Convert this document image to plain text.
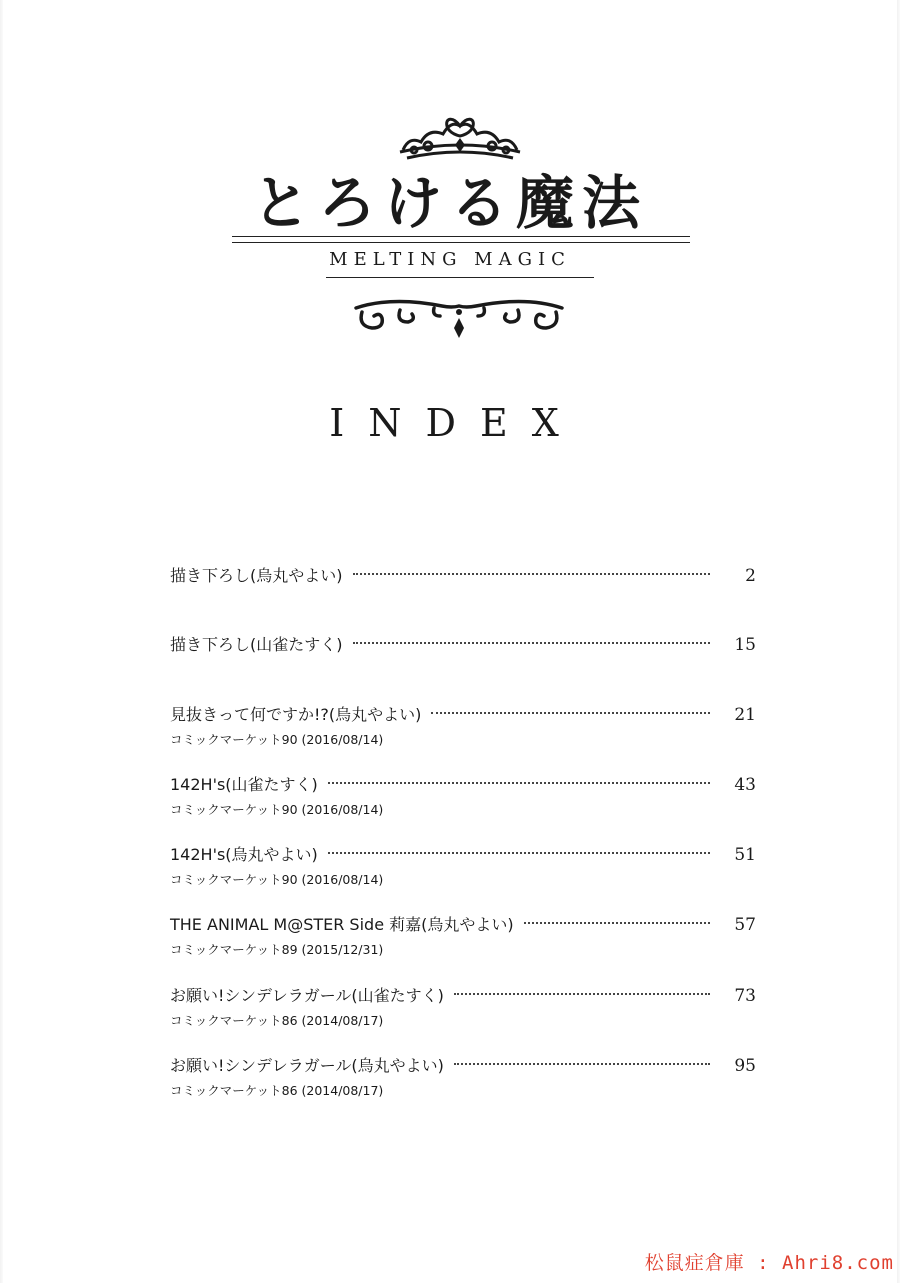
とろける魔法
MELTING MAGIC
INDEX
描き下ろし(烏丸やよい)	2
描き下ろし(山雀たすく)	15
見抜きって何ですか!?(烏丸やよい)	21
コミックマーケット90 (2016/08/14)
142H's(山雀たすく)	43
コミックマーケット90 (2016/08/14)
142H's(烏丸やよい)	51
コミックマーケット90 (2016/08/14)
THE ANIMAL M@STER Side 莉嘉(烏丸やよい)	57
コミックマーケット89 (2015/12/31)
お願い!シンデレラガール(山雀たすく)	73
コミックマーケット86 (2014/08/17)
お願い!シンデレラガール(烏丸やよい)	95
コミックマーケット86 (2014/08/17)
松鼠症倉庫 : Ahri8.com
